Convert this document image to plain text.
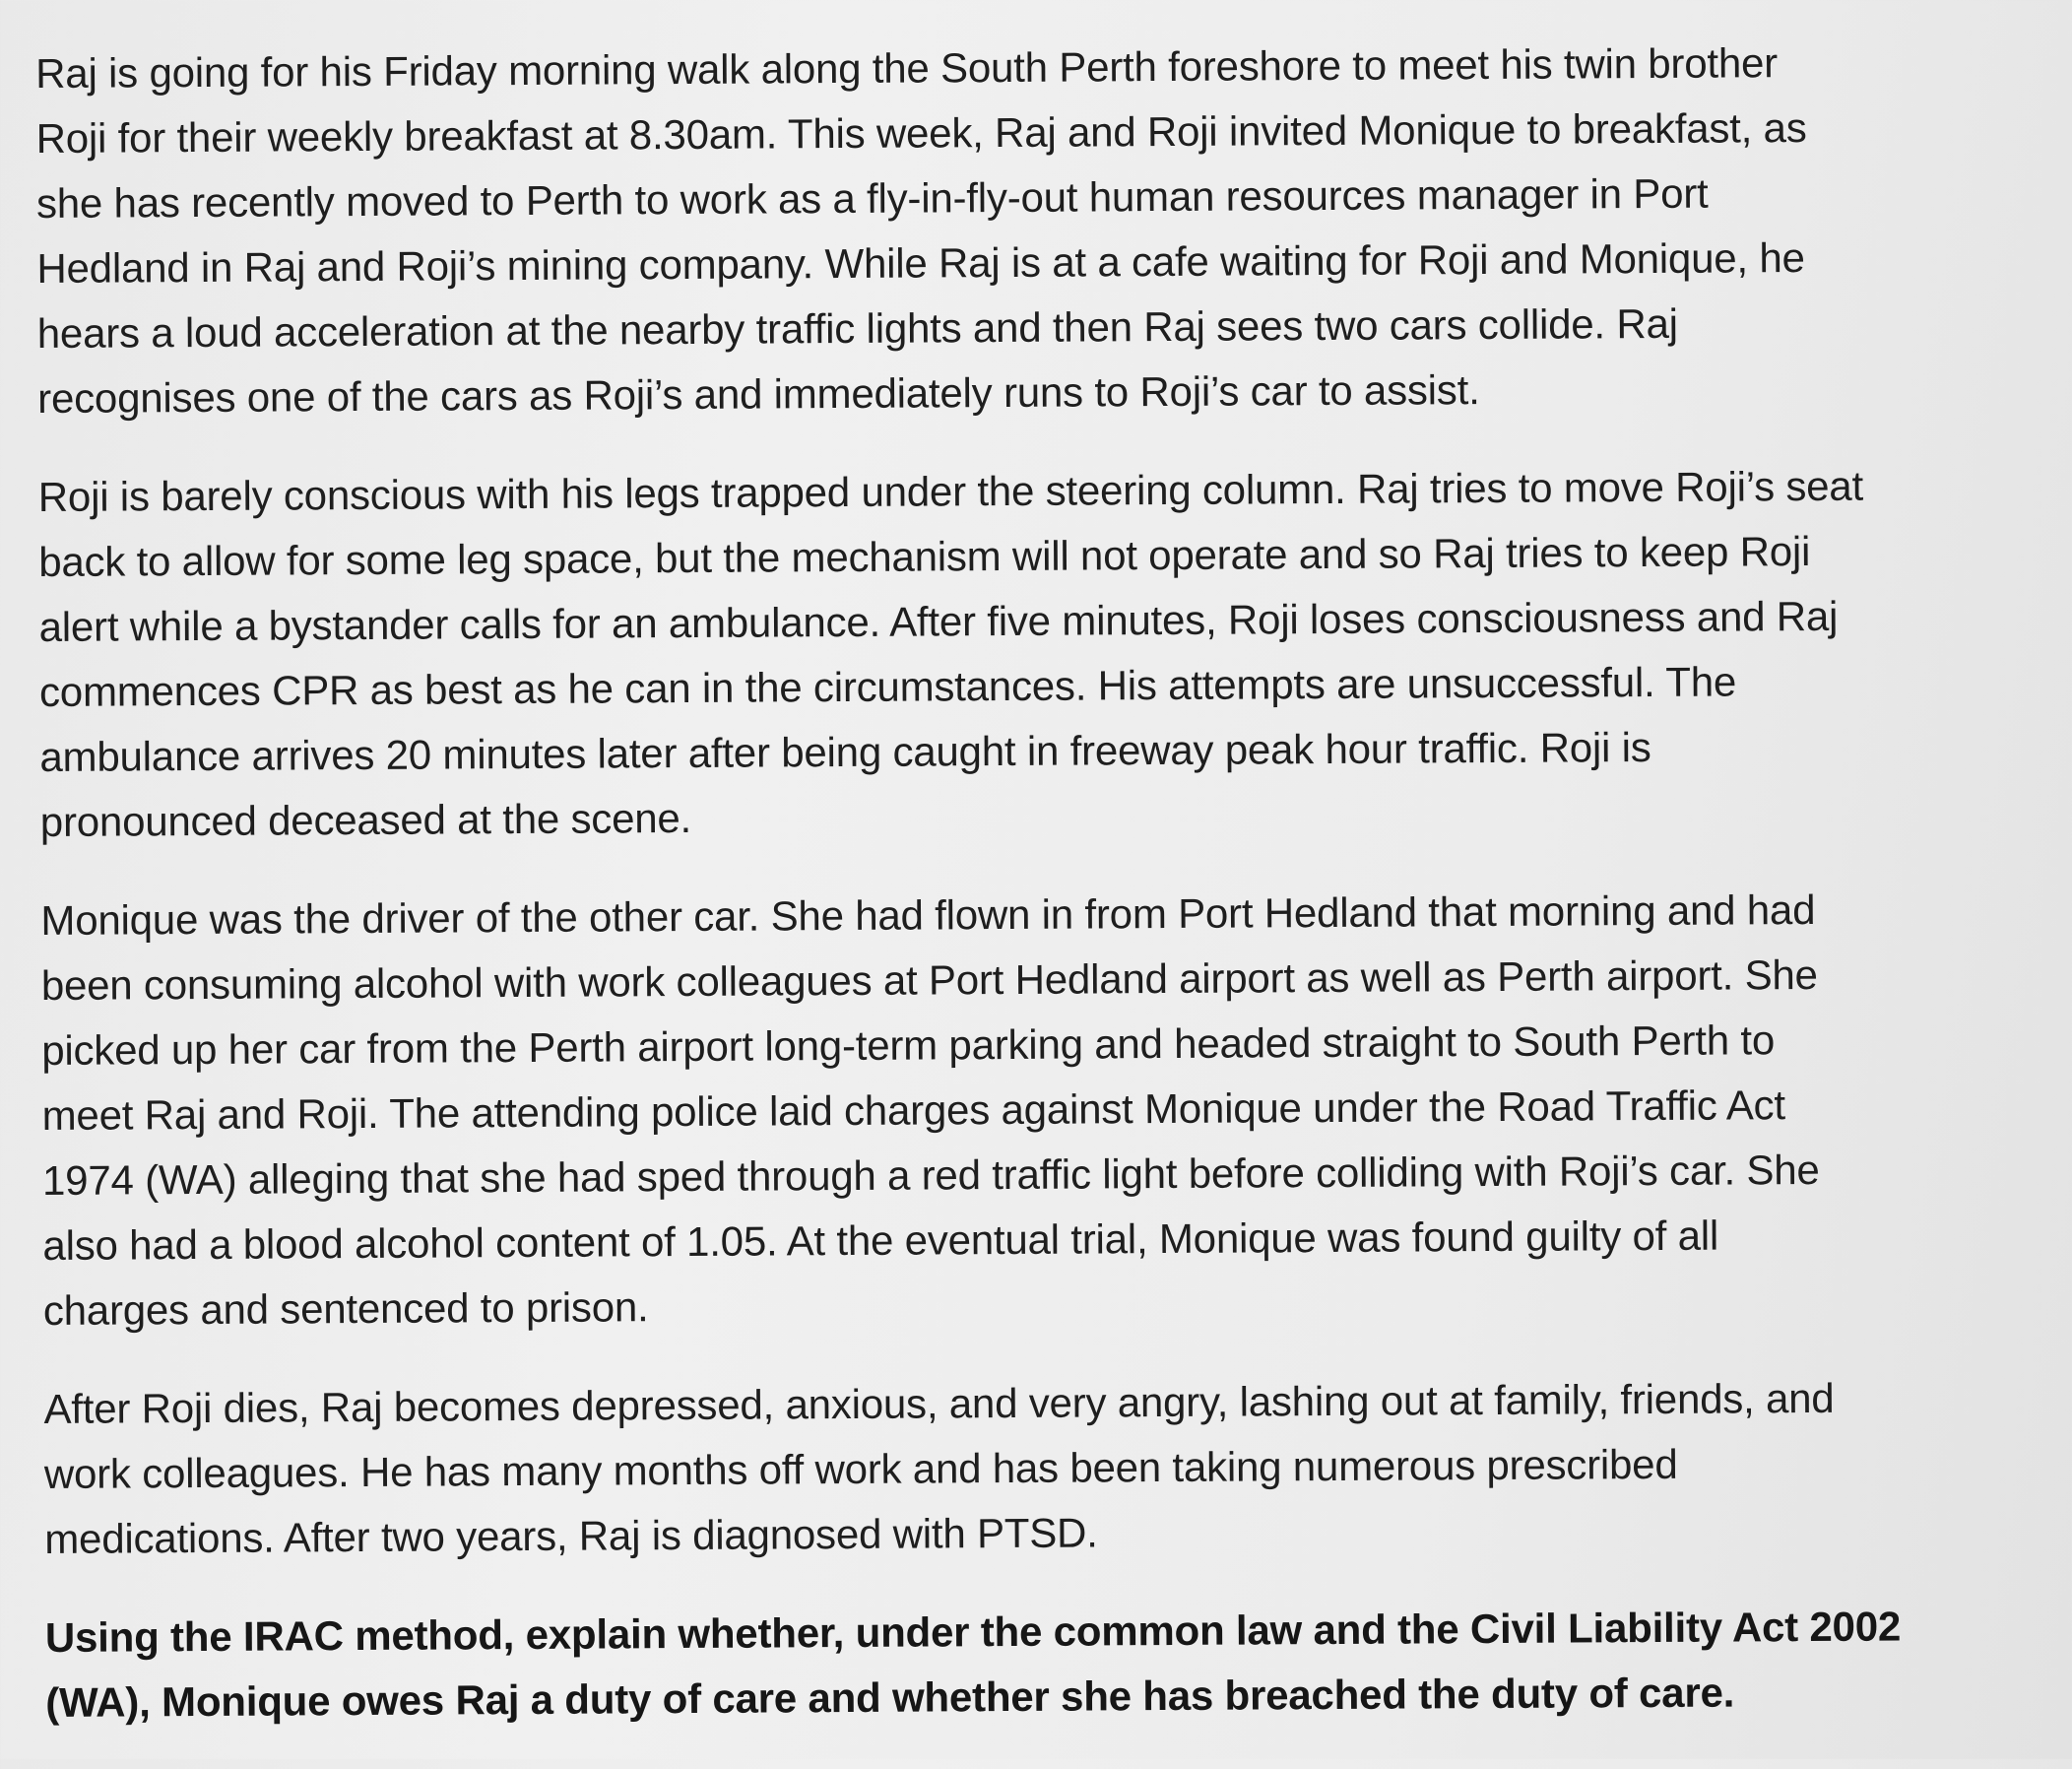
Raj is going for his Friday morning walk along the South Perth foreshore to meet his twin brother
Roji for their weekly breakfast at 8.30am. This week, Raj and Roji invited Monique to breakfast, as
she has recently moved to Perth to work as a fly-in-fly-out human resources manager in Port
Hedland in Raj and Roji’s mining company. While Raj is at a cafe waiting for Roji and Monique, he
hears a loud acceleration at the nearby traffic lights and then Raj sees two cars collide. Raj
recognises one of the cars as Roji’s and immediately runs to Roji’s car to assist.
Roji is barely conscious with his legs trapped under the steering column. Raj tries to move Roji’s seat
back to allow for some leg space, but the mechanism will not operate and so Raj tries to keep Roji
alert while a bystander calls for an ambulance. After five minutes, Roji loses consciousness and Raj
commences CPR as best as he can in the circumstances. His attempts are unsuccessful. The
ambulance arrives 20 minutes later after being caught in freeway peak hour traffic. Roji is
pronounced deceased at the scene.
Monique was the driver of the other car. She had flown in from Port Hedland that morning and had
been consuming alcohol with work colleagues at Port Hedland airport as well as Perth airport. She
picked up her car from the Perth airport long-term parking and headed straight to South Perth to
meet Raj and Roji. The attending police laid charges against Monique under the Road Traffic Act
1974 (WA) alleging that she had sped through a red traffic light before colliding with Roji’s car. She
also had a blood alcohol content of 1.05. At the eventual trial, Monique was found guilty of all
charges and sentenced to prison.
After Roji dies, Raj becomes depressed, anxious, and very angry, lashing out at family, friends, and
work colleagues. He has many months off work and has been taking numerous prescribed
medications. After two years, Raj is diagnosed with PTSD.
Using the IRAC method, explain whether, under the common law and the Civil Liability Act 2002
(WA), Monique owes Raj a duty of care and whether she has breached the duty of care.
